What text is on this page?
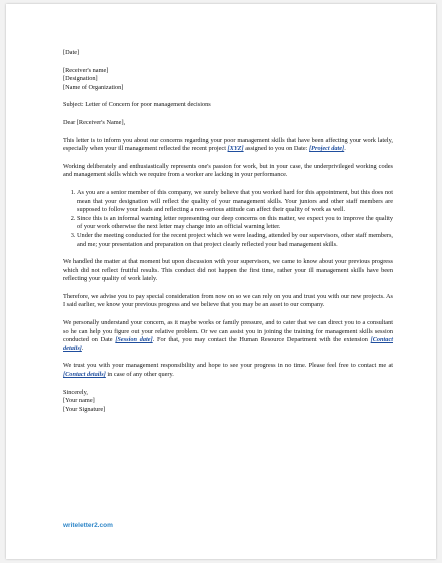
[Date]
[Receiver's name]
[Designation]
[Name of Organization]

Subject: Letter of Concern for poor management decisions

Dear [Receiver's Name],

This letter is to inform you about our concerns regarding your poor management skills that have been affecting your work lately, especially when your ill management reflected the recent project [XYZ] assigned to you on Date: [Project date].

Working deliberately and enthusiastically represents one's passion for work, but in your case, the underprivileged working codes and management skills which we require from a worker are lacking in your performance.

1. As you are a senior member of this company, we surely believe that you worked hard for this appointment, but this does not mean that your designation will reflect the quality of your management skills. Your juniors and other staff members are supposed to follow your leads and reflecting a non-serious attitude can affect their quality of work as well.
2. Since this is an informal warning letter representing our deep concerns on this matter, we expect you to improve the quality of your work otherwise the next letter may change into an official warning letter.
3. Under the meeting conducted for the recent project which we were leading, attended by our supervisors, other staff members, and me; your presentation and preparation on that project clearly reflected your bad management skills.

We handled the matter at that moment but upon discussion with your supervisors, we came to know about your previous progress which did not reflect fruitful results. This conduct did not happen the first time, rather your ill management skills have been reflecting your quality of work lately.

Therefore, we advise you to pay special consideration from now on so we can rely on you and trust you with our new projects. As I said earlier, we know your previous progress and we believe that you may be an asset to our company.

We personally understand your concern, as it maybe works or family pressure, and to cater that we can direct you to a consultant so he can help you figure out your relative problem. Or we can assist you in joining the training for management skills session conducted on Date [Session date]. For that, you may contact the Human Resource Department with the extension [Contact details].

We trust you with your management responsibility and hope to see your progress in no time. Please feel free to contact me at [Contact details] in case of any other query.

Sincerely,
[Your name]
[Your Signature]
writeletter2.com
